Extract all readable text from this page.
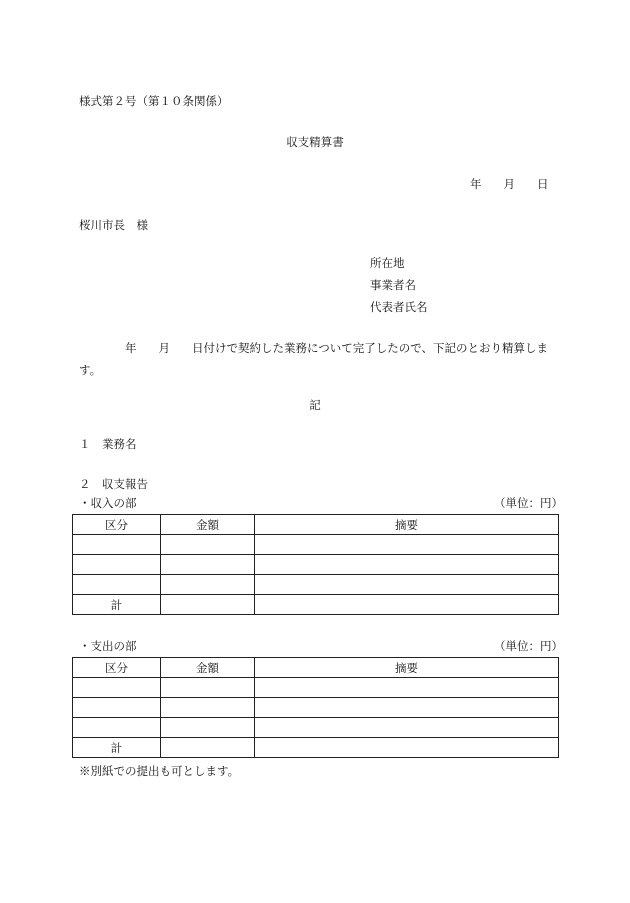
様式第２号（第１０条関係）
収支精算書
年 月 日
桜川市長　様
所在地
事業者名
代表者氏名
年 月 日付けで契約した業務について完了したので、下記のとおり精算します。
記
１　業務名
２　収支報告
・収入の部	（単位：円）
区分	金額	摘要

計		
・支出の部	（単位：円）
区分	金額	摘要

計		
※別紙での提出も可とします。
